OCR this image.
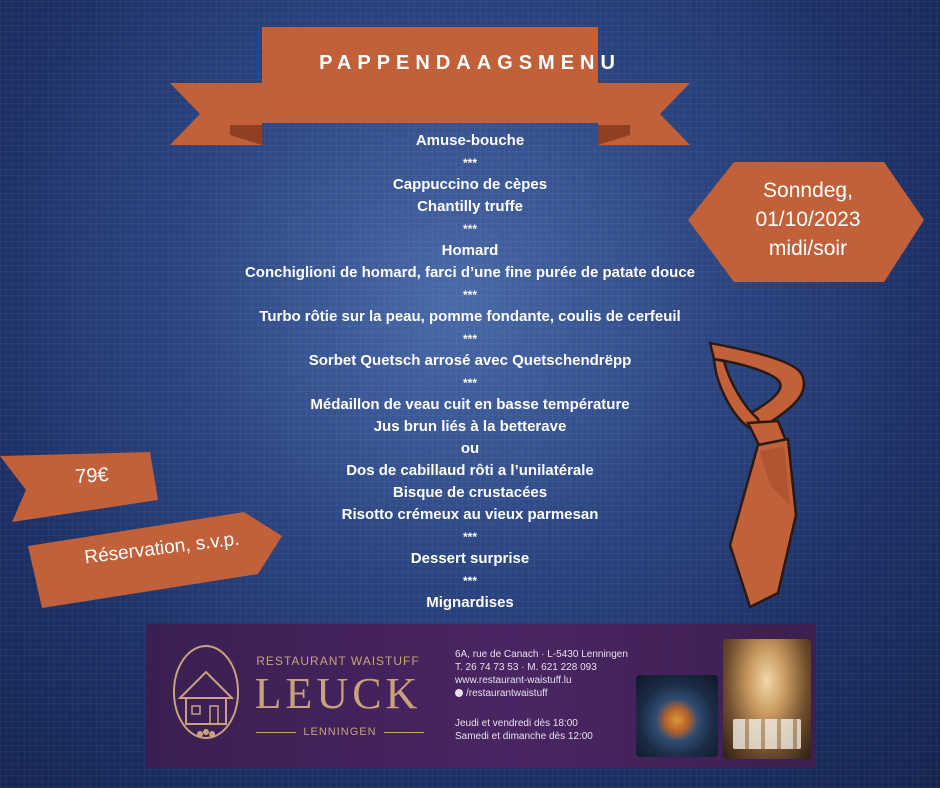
PAPPENDAAGSMENU
Amuse-bouche
***
Cappuccino de cèpes
Chantilly truffe
***
Homard
Conchiglioni de homard, farci d’une fine purée de patate douce
***
Turbo rôtie sur la peau, pomme fondante, coulis de cerfeuil
***
Sorbet Quetsch arrosé avec Quetschendrëpp
***
Médaillon de veau cuit en basse température
Jus brun liés à la betterave
ou
Dos de cabillaud rôti a l’unilatérale
Bisque de crustacées
Risotto crémeux au vieux parmesan
***
Dessert surprise
***
Mignardises
Sonndeg,
01/10/2023
midi/soir
79€
Réservation, s.v.p.
RESTAURANT WAISTUFF
LEUCK
LENNINGEN
6A, rue de Canach · L-5430 Lenningen
T. 26 74 73 53 · M. 621 228 093
www.restaurant-waistuff.lu
/restaurantwaistuff
Jeudi et vendredi dès 18:00
Samedi et dimanche dès 12:00
